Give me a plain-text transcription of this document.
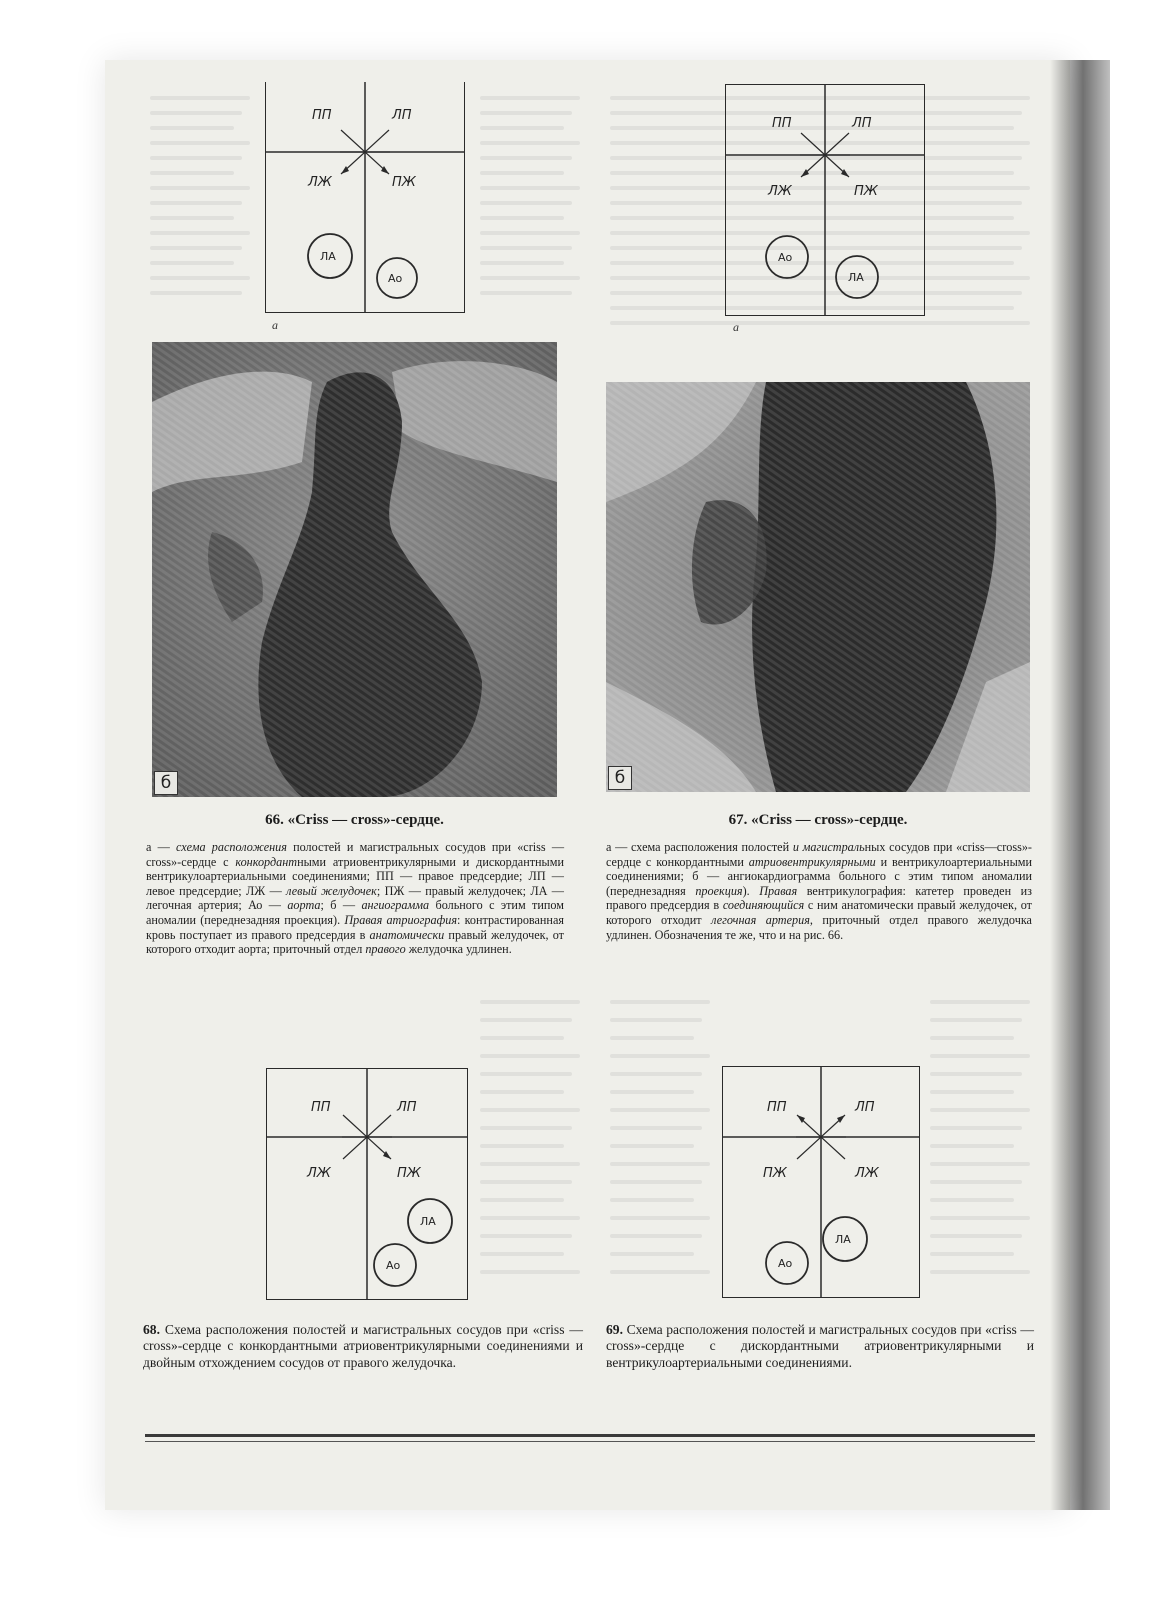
ПП	ЛП
ЛЖ	ПЖ
ЛА
Ао
а
ПП	ЛП
ЛЖ	ПЖ
Ао
ЛА
а
б	б
66. «Criss — cross»-сердце.

а — схема расположения полостей и магистральных сосудов при «criss — cross»-сердце с конкордантными атриовентрикулярными и дискордантными вентрикулоартериальными соединениями; ПП — правое предсердие; ЛП — левое предсердие; ЛЖ — левый желудочек; ПЖ — правый желудочек; ЛА — легочная артерия; Ао — аорта; б — ангиограмма больного с этим типом аномалии (переднезадняя проекция). Правая атриография: контрастированная кровь поступает из правого предсердия в анатомически правый желудочек, от которого отходит аорта; приточный отдел правого желудочка удлинен.

67. «Criss — cross»-сердце.

а — схема расположения полостей и магистральных сосудов при «criss—cross»-сердце с конкордантными атриовентрикулярными и вентрикулоартериальными соединениями; б — ангиокардиограмма больного с этим типом аномалии (переднезадняя проекция). Правая вентрикулография: катетер проведен из правого предсердия в соединяющийся с ним анатомически правый желудочек, от которого отходит легочная артерия, приточный отдел правого желудочка удлинен. Обозначения те же, что и на рис. 66.

ПП	ЛП
ЛЖ	ПЖ
ЛА
Ао
ПП	ЛП
ПЖ	ЛЖ
ЛА
Ао
68. Схема расположения полостей и магистральных сосудов при «criss — cross»-сердце с конкордантными атриовентрикулярными соединениями и двойным отхождением сосудов от правого желудочка.
69. Схема расположения полостей и магистральных сосудов при «criss — cross»-сердце с дискордантными атриовентрикулярными и вентрикулоартериальными соединениями.
